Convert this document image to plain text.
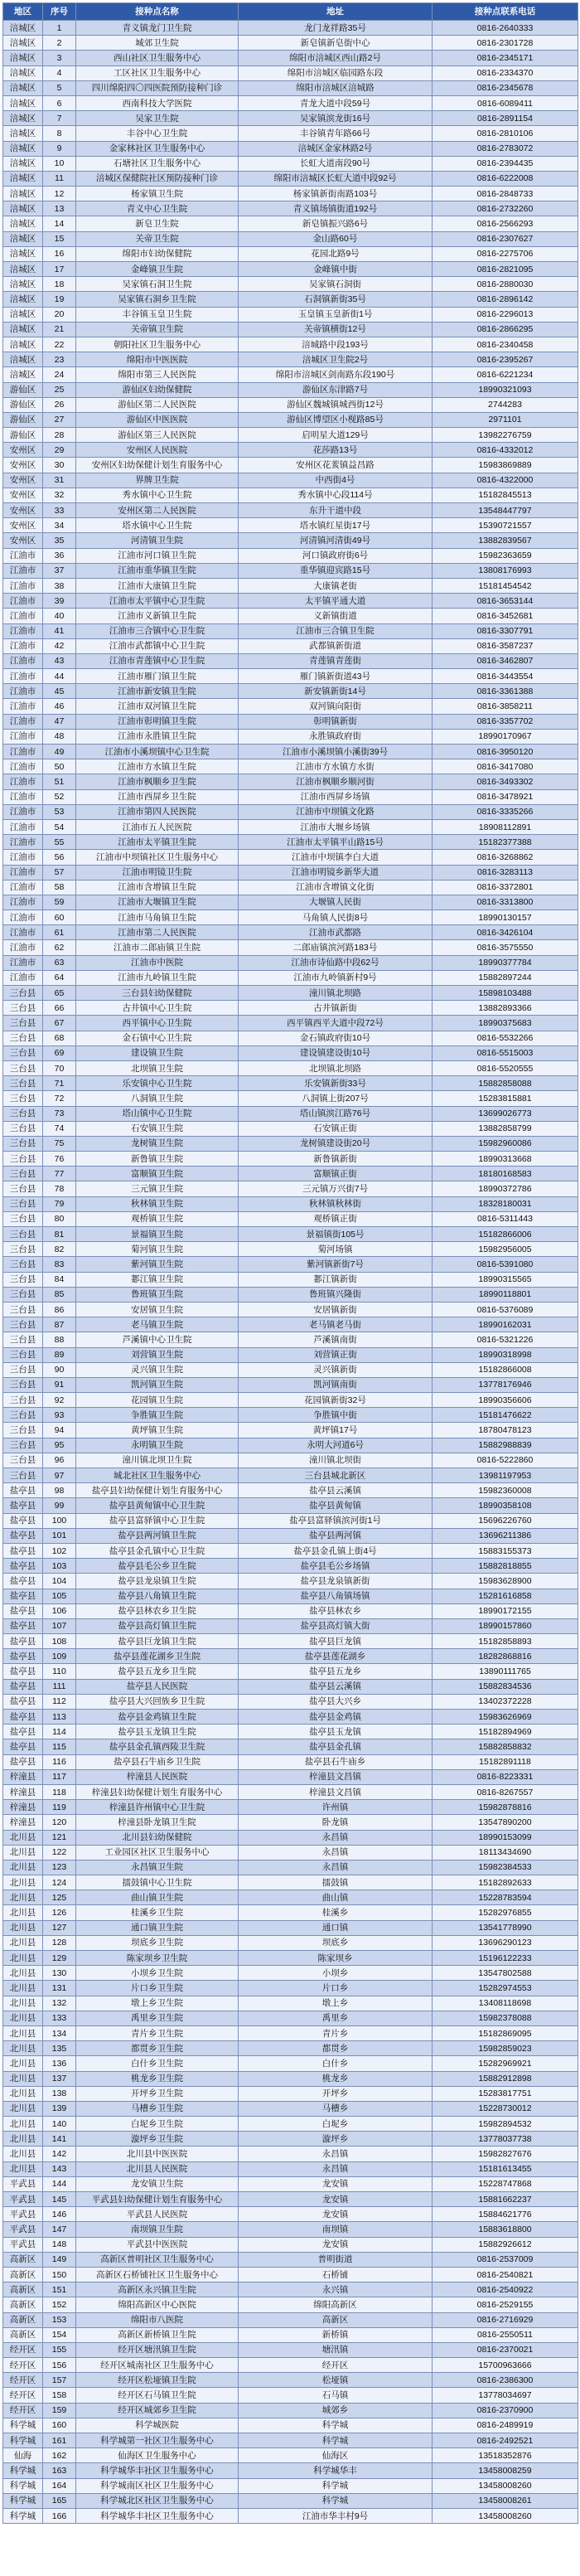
地区	序号	接种点名称	地址	接种点联系电话
涪城区	1	青义镇龙门卫生院	龙门龙祥路35号	0816-2640333
涪城区	2	城郊卫生院	新皂镇新皂街中心	0816-2301728
涪城区	3	西山社区卫生服务中心	绵阳市涪城区西山路2号	0816-2345171
涪城区	4	工区社区卫生服务中心	绵阳市涪城区临园路东段	0816-2334370
涪城区	5	四川绵阳四〇四医院预防接种门诊	绵阳市涪城区涪城路	0816-2345678
涪城区	6	西南科技大学医院	青龙大道中段59号	0816-6089411
涪城区	7	吴家卫生院	吴家镇滨龙街16号	0816-2891154
涪城区	8	丰谷中心卫生院	丰谷镇青年路66号	0816-2810106
涪城区	9	金家林社区卫生服务中心	涪城区金家林路2号	0816-2783072
涪城区	10	石塘社区卫生服务中心	长虹大道南段90号	0816-2394435
涪城区	11	涪城区保健院社区预防接种门诊	绵阳市涪城区长虹大道中段92号	0816-6222008
涪城区	12	杨家镇卫生院	杨家镇新街南路103号	0816-2848733
涪城区	13	青义中心卫生院	青义镇场镇街道192号	0816-2732260
涪城区	14	新皂卫生院	新皂镇振兴路6号	0816-2566293
涪城区	15	关帝卫生院	金山路60号	0816-2307627
涪城区	16	绵阳市妇幼保健院	花园北路9号	0816-2275706
涪城区	17	金峰镇卫生院	金峰镇中街	0816-2821095
涪城区	18	吴家镇石洞卫生院	吴家镇石洞街	0816-2880030
涪城区	19	吴家镇石洞乡卫生院	石洞镇新街35号	0816-2896142
涪城区	20	丰谷镇玉皇卫生院	玉皇镇玉皇新街1号	0816-2296013
涪城区	21	关帝镇卫生院	关帝镇横街12号	0816-2866295
涪城区	22	朝阳社区卫生服务中心	涪城路中段193号	0816-2340458
涪城区	23	绵阳市中医医院	涪城区卫生院2号	0816-2395267
涪城区	24	绵阳市第三人民医院	绵阳市涪城区剑南路东段190号	0816-6221234
游仙区	25	游仙区妇幼保健院	游仙区东津路7号	18990321093
游仙区	26	游仙区第二人民医院	游仙区魏城镇城西街12号	2744283
游仙区	27	游仙区中医医院	游仙区博望区小枧路85号	2971101
游仙区	28	游仙区第三人民医院	启明星大道129号	13982276759
安州区	29	安州区人民医院	花莎路13号	0816-4332012
安州区	30	安州区妇幼保健计划生育服务中心	安州区花荄镇益昌路	15983869889
安州区	31	界牌卫生院	中西街4号	0816-4322000
安州区	32	秀水镇中心卫生院	秀水镇中心段114号	15182845513
安州区	33	安州区第二人民医院	东升干道中段	13548447797
安州区	34	塔水镇中心卫生院	塔水镇红星街17号	15390721557
安州区	35	河清镇卫生院	河清镇河清街49号	13882839567
江油市	36	江油市河口镇卫生院	河口镇政府街6号	15982363659
江油市	37	江油市重华镇卫生院	重华镇迎宾路15号	13808176993
江油市	38	江油市大康镇卫生院	大康镇老街	15181454542
江油市	39	江油市太平镇中心卫生院	太平镇平通大道	0816-3653144
江油市	40	江油市义新镇卫生院	义新镇街道	0816-3452681
江油市	41	江油市三合镇中心卫生院	江油市三合镇卫生院	0816-3307791
江油市	42	江油市武都镇中心卫生院	武都镇新街道	0816-3587237
江油市	43	江油市青莲镇中心卫生院	青莲镇青莲街	0816-3462807
江油市	44	江油市雁门镇卫生院	雁门镇新街道43号	0816-3443554
江油市	45	江油市新安镇卫生院	新安镇新街14号	0816-3361388
江油市	46	江油市双河镇卫生院	双河镇向阳街	0816-3858211
江油市	47	江油市彰明镇卫生院	彰明镇新街	0816-3357702
江油市	48	江油市永胜镇卫生院	永胜镇政府街	18990170967
江油市	49	江油市小溪坝镇中心卫生院	江油市小溪坝镇小溪街39号	0816-3950120
江油市	50	江油市方水镇卫生院	江油市方水镇方水街	0816-3417080
江油市	51	江油市枫顺乡卫生院	江油市枫顺乡顺河街	0816-3493302
江油市	52	江油市西屏乡卫生院	江油市西屏乡场镇	0816-3478921
江油市	53	江油市第四人民医院	江油市中坝镇文化路	0816-3335266
江油市	54	江油市五人民医院	江油市大堰乡场镇	18908112891
江油市	55	江油市太平镇卫生院	江油市太平镇平山路15号	15182377388
江油市	56	江油市中坝镇社区卫生服务中心	江油市中坝镇李白大道	0816-3268862
江油市	57	江油市明镜卫生院	江油市明镜乡新华大道	0816-3283113
江油市	58	江油市含增镇卫生院	江油市含增镇文化街	0816-3372801
江油市	59	江油市大堰镇卫生院	大堰镇人民街	0816-3313800
江油市	60	江油市马角镇卫生院	马角镇人民街8号	18990130157
江油市	61	江油市第二人民医院	江油市武都路	0816-3426104
江油市	62	江油市二郎庙镇卫生院	二郎庙镇滨河路183号	0816-3575550
江油市	63	江油市中医院	江油市诗仙路中段62号	18990377784
江油市	64	江油市九岭镇卫生院	江油市九岭镇新村9号	15882897244
三台县	65	三台县妇幼保健院	潼川镇北坝路	15898103488
三台县	66	古井镇中心卫生院	古井镇新街	13882893366
三台县	67	西平镇中心卫生院	西平镇西平大道中段72号	18990375683
三台县	68	金石镇中心卫生院	金石镇政府街10号	0816-5532266
三台县	69	建设镇卫生院	建设镇建设街10号	0816-5515003
三台县	70	北坝镇卫生院	北坝镇北坝路	0816-5520555
三台县	71	乐安镇中心卫生院	乐安镇新街33号	15882858088
三台县	72	八洞镇卫生院	八洞镇上街207号	15283815881
三台县	73	塔山镇中心卫生院	塔山镇滨江路76号	13699026773
三台县	74	石安镇卫生院	石安镇正街	13882858799
三台县	75	龙树镇卫生院	龙树镇建设街20号	15982960086
三台县	76	新鲁镇卫生院	新鲁镇新街	18990313668
三台县	77	富顺镇卫生院	富顺镇正街	18180168583
三台县	78	三元镇卫生院	三元镇万兴街7号	18990372786
三台县	79	秋林镇卫生院	秋林镇秋林街	18328180031
三台县	80	观桥镇卫生院	观桥镇正街	0816-5311443
三台县	81	景福镇卫生院	景福镇街105号	15182866006
三台县	82	菊河镇卫生院	菊河场镇	15982956005
三台县	83	紫河镇卫生院	紫河镇新街7号	0816-5391080
三台县	84	郪江镇卫生院	郪江镇新街	18990315565
三台县	85	鲁班镇卫生院	鲁班镇兴隆街	18990118801
三台县	86	安居镇卫生院	安居镇新街	0816-5376089
三台县	87	老马镇卫生院	老马镇老马街	18990162031
三台县	88	芦溪镇中心卫生院	芦溪镇南街	0816-5321226
三台县	89	刘营镇卫生院	刘营镇正街	18990318998
三台县	90	灵兴镇卫生院	灵兴镇新街	15182866008
三台县	91	凯河镇卫生院	凯河镇南街	13778176946
三台县	92	花园镇卫生院	花园镇新街32号	18990356606
三台县	93	争胜镇卫生院	争胜镇中街	15181476622
三台县	94	黄坪镇卫生院	黄坪镇17号	18780478123
三台县	95	永明镇卫生院	永明大河道6号	15882988839
三台县	96	潼川镇北坝卫生院	潼川镇北坝街	0816-5222860
三台县	97	城北社区卫生服务中心	三台县城北新区	13981197953
盐亭县	98	盐亭县妇幼保健计划生育服务中心	盐亭县云溪镇	15982360008
盐亭县	99	盐亭县黄甸镇中心卫生院	盐亭县黄甸镇	18990358108
盐亭县	100	盐亭县富驿镇中心卫生院	盐亭县富驿镇滨河街1号	15696226760
盐亭县	101	盐亭县两河镇卫生院	盐亭县两河镇	13696211386
盐亭县	102	盐亭县金孔镇中心卫生院	盐亭县金孔镇上街4号	15883155373
盐亭县	103	盐亭县毛公乡卫生院	盐亭县毛公乡场镇	15882818855
盐亭县	104	盐亭县龙泉镇卫生院	盐亭县龙泉镇新街	15983628900
盐亭县	105	盐亭县八角镇卫生院	盐亭县八角镇场镇	15281616858
盐亭县	106	盐亭县林农乡卫生院	盐亭县林农乡	18990172155
盐亭县	107	盐亭县高灯镇卫生院	盐亭县高灯镇大街	18990157860
盐亭县	108	盐亭县巨龙镇卫生院	盐亭县巨龙镇	15182858893
盐亭县	109	盐亭县莲花湖乡卫生院	盐亭县莲花湖乡	18282868816
盐亭县	110	盐亭县五龙乡卫生院	盐亭县五龙乡	13890111765
盐亭县	111	盐亭县人民医院	盐亭县云溪镇	15882834536
盐亭县	112	盐亭县大兴回族乡卫生院	盐亭县大兴乡	13402372228
盐亭县	113	盐亭县金鸡镇卫生院	盐亭县金鸡镇	15983626969
盐亭县	114	盐亭县玉龙镇卫生院	盐亭县玉龙镇	15182894969
盐亭县	115	盐亭县金孔镇西陵卫生院	盐亭县金孔镇	15882858832
盐亭县	116	盐亭县石牛庙乡卫生院	盐亭县石牛庙乡	15182891118
梓潼县	117	梓潼县人民医院	梓潼县文昌镇	0816-8223331
梓潼县	118	梓潼县妇幼保健计划生育服务中心	梓潼县文昌镇	0816-8267557
梓潼县	119	梓潼县许州镇中心卫生院	许州镇	15982878816
梓潼县	120	梓潼县卧龙镇卫生院	卧龙镇	13547890200
北川县	121	北川县妇幼保健院	永昌镇	18990153099
北川县	122	工业园区社区卫生服务中心	永昌镇	18113434690
北川县	123	永昌镇卫生院	永昌镇	15982384533
北川县	124	擂鼓镇中心卫生院	擂鼓镇	15182892633
北川县	125	曲山镇卫生院	曲山镇	15228783594
北川县	126	桂溪乡卫生院	桂溪乡	15282976855
北川县	127	通口镇卫生院	通口镇	13541778990
北川县	128	坝底乡卫生院	坝底乡	13696290123
北川县	129	陈家坝乡卫生院	陈家坝乡	15196122233
北川县	130	小坝乡卫生院	小坝乡	13547802588
北川县	131	片口乡卫生院	片口乡	15282974553
北川县	132	墩上乡卫生院	墩上乡	13408118698
北川县	133	禹里乡卫生院	禹里乡	15982378088
北川县	134	青片乡卫生院	青片乡	15182869095
北川县	135	都贯乡卫生院	都贯乡	15982859023
北川县	136	白什乡卫生院	白什乡	15282969921
北川县	137	桃龙乡卫生院	桃龙乡	15882912898
北川县	138	开坪乡卫生院	开坪乡	15283817751
北川县	139	马槽乡卫生院	马槽乡	15228730012
北川县	140	白坭乡卫生院	白坭乡	15982894532
北川县	141	漩坪乡卫生院	漩坪乡	13778037738
北川县	142	北川县中医医院	永昌镇	15982827676
北川县	143	北川县人民医院	永昌镇	15181613455
平武县	144	龙安镇卫生院	龙安镇	15228747868
平武县	145	平武县妇幼保健计划生育服务中心	龙安镇	15881662237
平武县	146	平武县人民医院	龙安镇	15884621776
平武县	147	南坝镇卫生院	南坝镇	15883618800
平武县	148	平武县中医医院	龙安镇	15882926612
高新区	149	高新区普明社区卫生服务中心	普明街道	0816-2537009
高新区	150	高新区石桥铺社区卫生服务中心	石桥铺	0816-2540821
高新区	151	高新区永兴镇卫生院	永兴镇	0816-2540922
高新区	152	绵阳高新区中心医院	绵阳高新区	0816-2529155
高新区	153	绵阳市八医院	高新区	0816-2716929
高新区	154	高新区新桥镇卫生院	新桥镇	0816-2550511
经开区	155	经开区塘汛镇卫生院	塘汛镇	0816-2370021
经开区	156	经开区城南社区卫生服务中心	经开区	15700963666
经开区	157	经开区松垭镇卫生院	松垭镇	0816-2386300
经开区	158	经开区石马镇卫生院	石马镇	13778034697
经开区	159	经开区城郊乡卫生院	城郊乡	0816-2370900
科学城	160	科学城医院	科学城	0816-2489919
科学城	161	科学城第一社区卫生服务中心	科学城	0816-2492521
仙海	162	仙海区卫生服务中心	仙海区	13518352876
科学城	163	科学城华丰社区卫生服务中心	科学城华丰	13458008259
科学城	164	科学城南区社区卫生服务中心	科学城	13458008260
科学城	165	科学城北区社区卫生服务中心	科学城	13458008261
科学城	166	科学城华丰社区卫生服务中心	江油市华丰村9号	13458008260
